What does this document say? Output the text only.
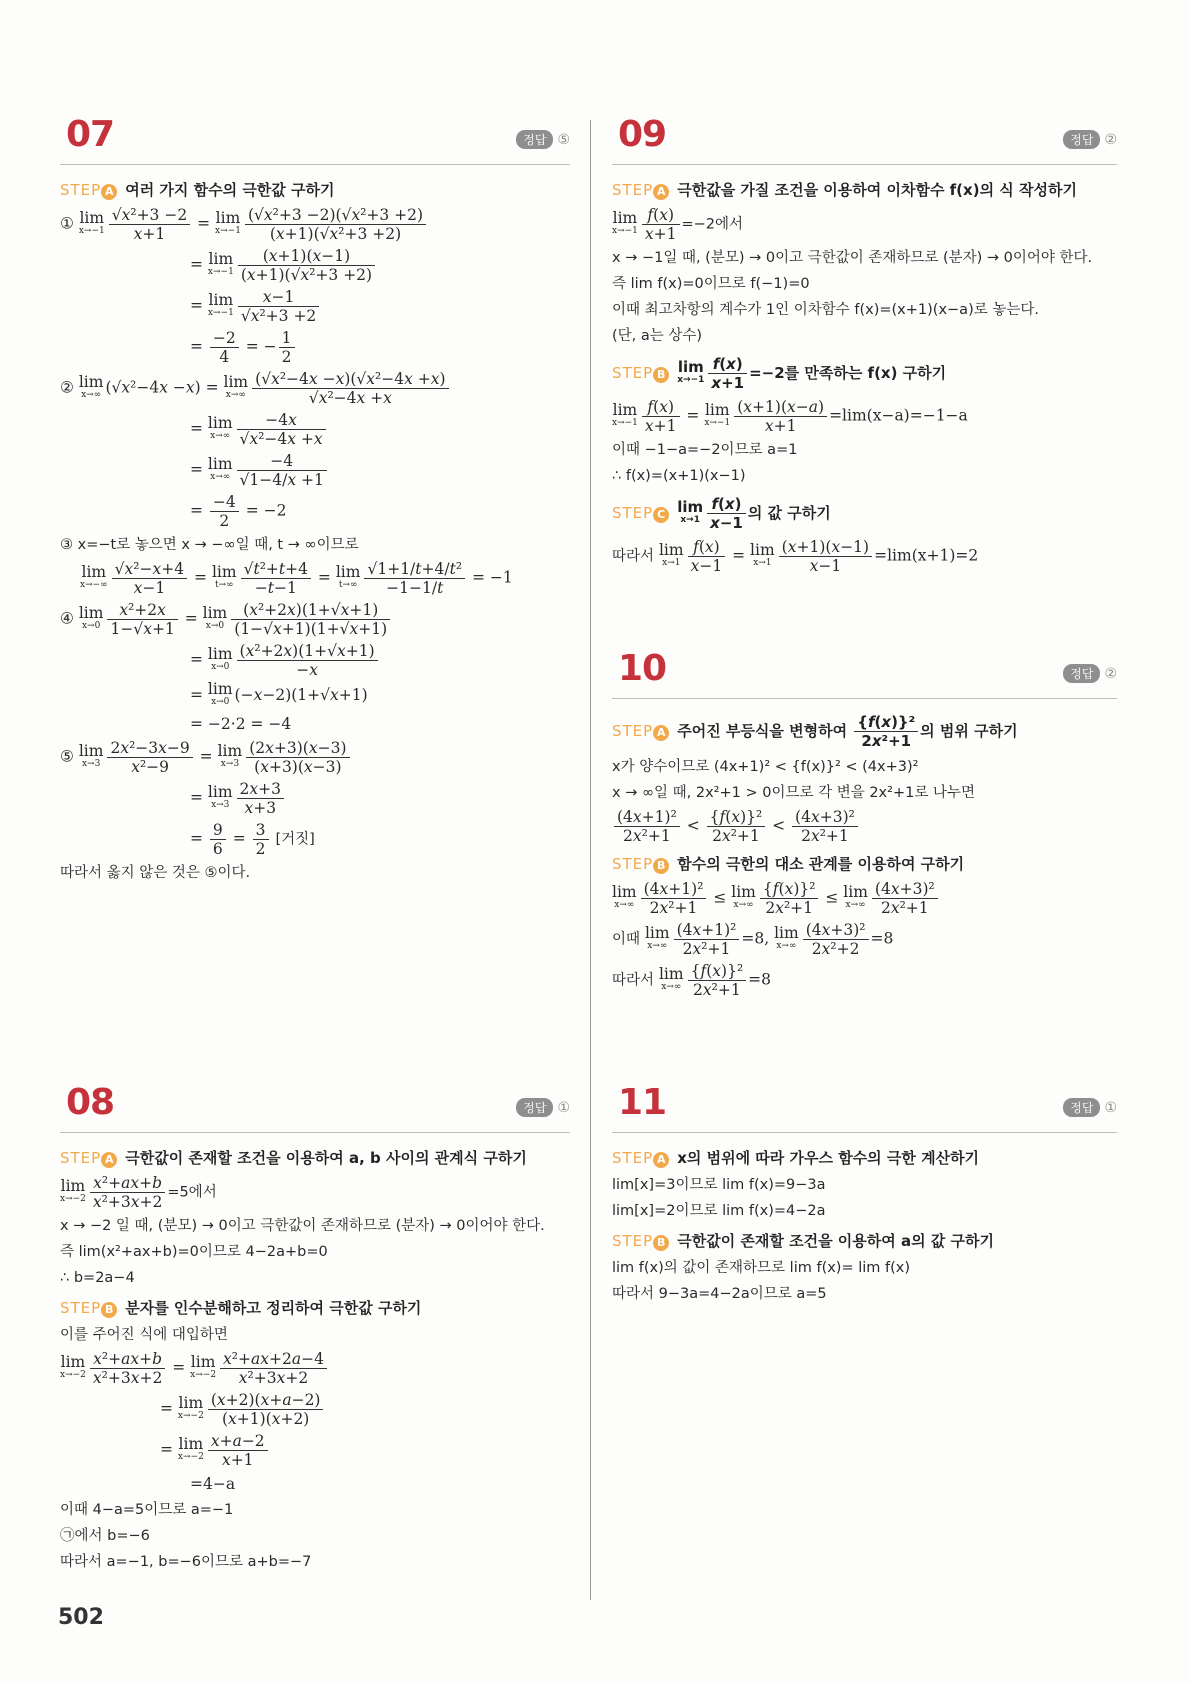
07	정답 ⑤
STEP A 여러 가지 함수의 극한값 구하기
① lim
$x\to-1 \frac{\text{√x²+3 −2}}{x+1} = \lim$
$x\to-1 \frac{\text{(√x²+3 −2)(√x²+3 +2)}}{\text{(x+1)(√x²+3 +2)}}$
= lim
$x\to-1 \frac{(x+1)(x-1)}{\text{(x+1)(√x²+3 +2)}}$
= lim
$x\to-1 \frac{x-1}{\text{√x²+3 +2}}$
= $\frac{-2}{4}$ = − $\frac{1}{2}$
② lim
x→∞ (√x²−4x −x) = lim
$x\to\infty \frac{\text{(√x²−4x −x)(√x²−4x +x)}}{\text{√x²−4x +x}}$
= lim
$x\to\infty \frac{-4x}{\text{√x²−4x +x}}$
= lim
$x\to\infty \frac{-4}{√1-4/x +1}$
= $\frac{-4}{2} = -2$
③ x=−t로 놓으면 x → −∞일 때, t → ∞이므로
lim
$x\to-\infty \frac{\text{√x²−x+4}}{x-1} = \lim$
$t\to\infty \frac{\text{√t²+t+4}}{-t-1} = \lim$
$t\to\infty \frac{\text{√1+1/t+4/t²}}{-1-1/t} = -1$
④ lim
$x\to 0 \frac{\text{x²+2x}}{1-√x+1} = \lim$
$x\to 0 \frac{\text{(x²+2x)(1+√x+1)}}{(1-√x+1)(1+√x+1)}$
= lim
$x\to 0 \frac{\text{(x²+2x)(1+√x+1)}}{-x}$
= lim
x→0 (−x−2)(1+√x+1)
= −2·2 = −4
⑤ lim
$x\to 3 \frac{\text{2x²−3x−9}}{\text{x²−9}} = \lim$
$x\to 3 \frac{(2x+3)(x-3)}{(x+3)(x-3)}$
= lim
$x\to 3 \frac{2x+3}{x+3}$
= $\frac{9}{6} = \frac{3}{2}$ [거짓]
따라서 옳지 않은 것은 ⑤이다.
09	정답 ②
STEP A 극한값을 가질 조건을 이용하여 이차함수 f(x)의 식 작성하기
lim
$x\to-1 \frac{f(x)}{x+1} =-2$에서
x → −1일 때, (분모) → 0이고 극한값이 존재하므로 (분자) → 0이어야 한다.
즉 lim f(x)=0이므로 f(−1)=0
이때 최고차항의 계수가 1인 이차함수 f(x)=(x+1)(x−a)로 놓는다.
(단, a는 상수)
STEP B lim
$x\to-1 \frac{f(x)}{x+1} =-2$를 만족하는 f(x) 구하기
lim
$x\to-1 \frac{f(x)}{x+1} = \lim$
$x\to-1 \frac{(x+1)(x-a)}{x+1} =\lim(x-a)=-1-a$
이때 −1−a=−2이므로 a=1
∴ f(x)=(x+1)(x−1)
STEP C lim
$x\to 1 \frac{f(x)}{x-1}$ 의 값 구하기
따라서 lim
$x\to 1 \frac{f(x)}{x-1} = \lim$
$x\to 1 \frac{(x+1)(x-1)}{x-1} =\lim(x+1)=2$
10	정답 ②
STEP A 주어진 부등식을 변형하여 $\frac{\text{\{f(x)\}²}}{\text{2x²+1}}$ 의 범위 구하기
x가 양수이므로 (4x+1)² < {f(x)}² < (4x+3)²
x → ∞일 때, 2x²+1 > 0이므로 각 변을 2x²+1로 나누면
$\frac{\text{(4x+1)²}}{\text{2x²+1}} < \frac{\text{\{f(x)\}²}}{\text{2x²+1}} < \frac{\text{(4x+3)²}}{\text{2x²+1}}$
STEP B 함수의 극한의 대소 관계를 이용하여 구하기
lim
$x\to\infty \frac{\text{(4x+1)²}}{\text{2x²+1}} \le \lim$
$x\to\infty \frac{\text{\{f(x)\}²}}{\text{2x²+1}} \le \lim$
$x\to\infty \frac{\text{(4x+3)²}}{\text{2x²+1}}$
이때 lim
$x\to\infty \frac{\text{(4x+1)²}}{\text{2x²+1}} =8$, lim
$x\to\infty \frac{\text{(4x+3)²}}{\text{2x²+2}} =8$
따라서 lim
$x\to\infty \frac{\text{\{f(x)\}²}}{\text{2x²+1}} =8$
08	정답 ①
STEP A 극한값이 존재할 조건을 이용하여 a, b 사이의 관계식 구하기
lim
$x\to-2 \frac{\text{x²+ax+b}}{\text{x²+3x+2}} =5$에서
x → −2 일 때, (분모) → 0이고 극한값이 존재하므로 (분자) → 0이어야 한다.
즉 lim(x²+ax+b)=0이므로 4−2a+b=0
∴ b=2a−4
STEP B 분자를 인수분해하고 정리하여 극한값 구하기
이를 주어진 식에 대입하면
lim
$x\to-2 \frac{\text{x²+ax+b}}{\text{x²+3x+2}} = \lim$
$x\to-2 \frac{\text{x²+ax+2a−4}}{\text{x²+3x+2}}$
= lim
$x\to-2 \frac{(x+2)(x+a-2)}{(x+1)(x+2)}$
= lim
$x\to-2 \frac{x+a-2}{x+1}$
=4−a
이때 4−a=5이므로 a=−1
㉠에서 b=−6
따라서 a=−1, b=−6이므로 a+b=−7
11	정답 ①
STEP A x의 범위에 따라 가우스 함수의 극한 계산하기
lim[x]=3이므로 lim f(x)=9−3a
lim[x]=2이므로 lim f(x)=4−2a
STEP B 극한값이 존재할 조건을 이용하여 a의 값 구하기
lim f(x)의 값이 존재하므로 lim f(x)= lim f(x)
따라서 9−3a=4−2a이므로 a=5
502
